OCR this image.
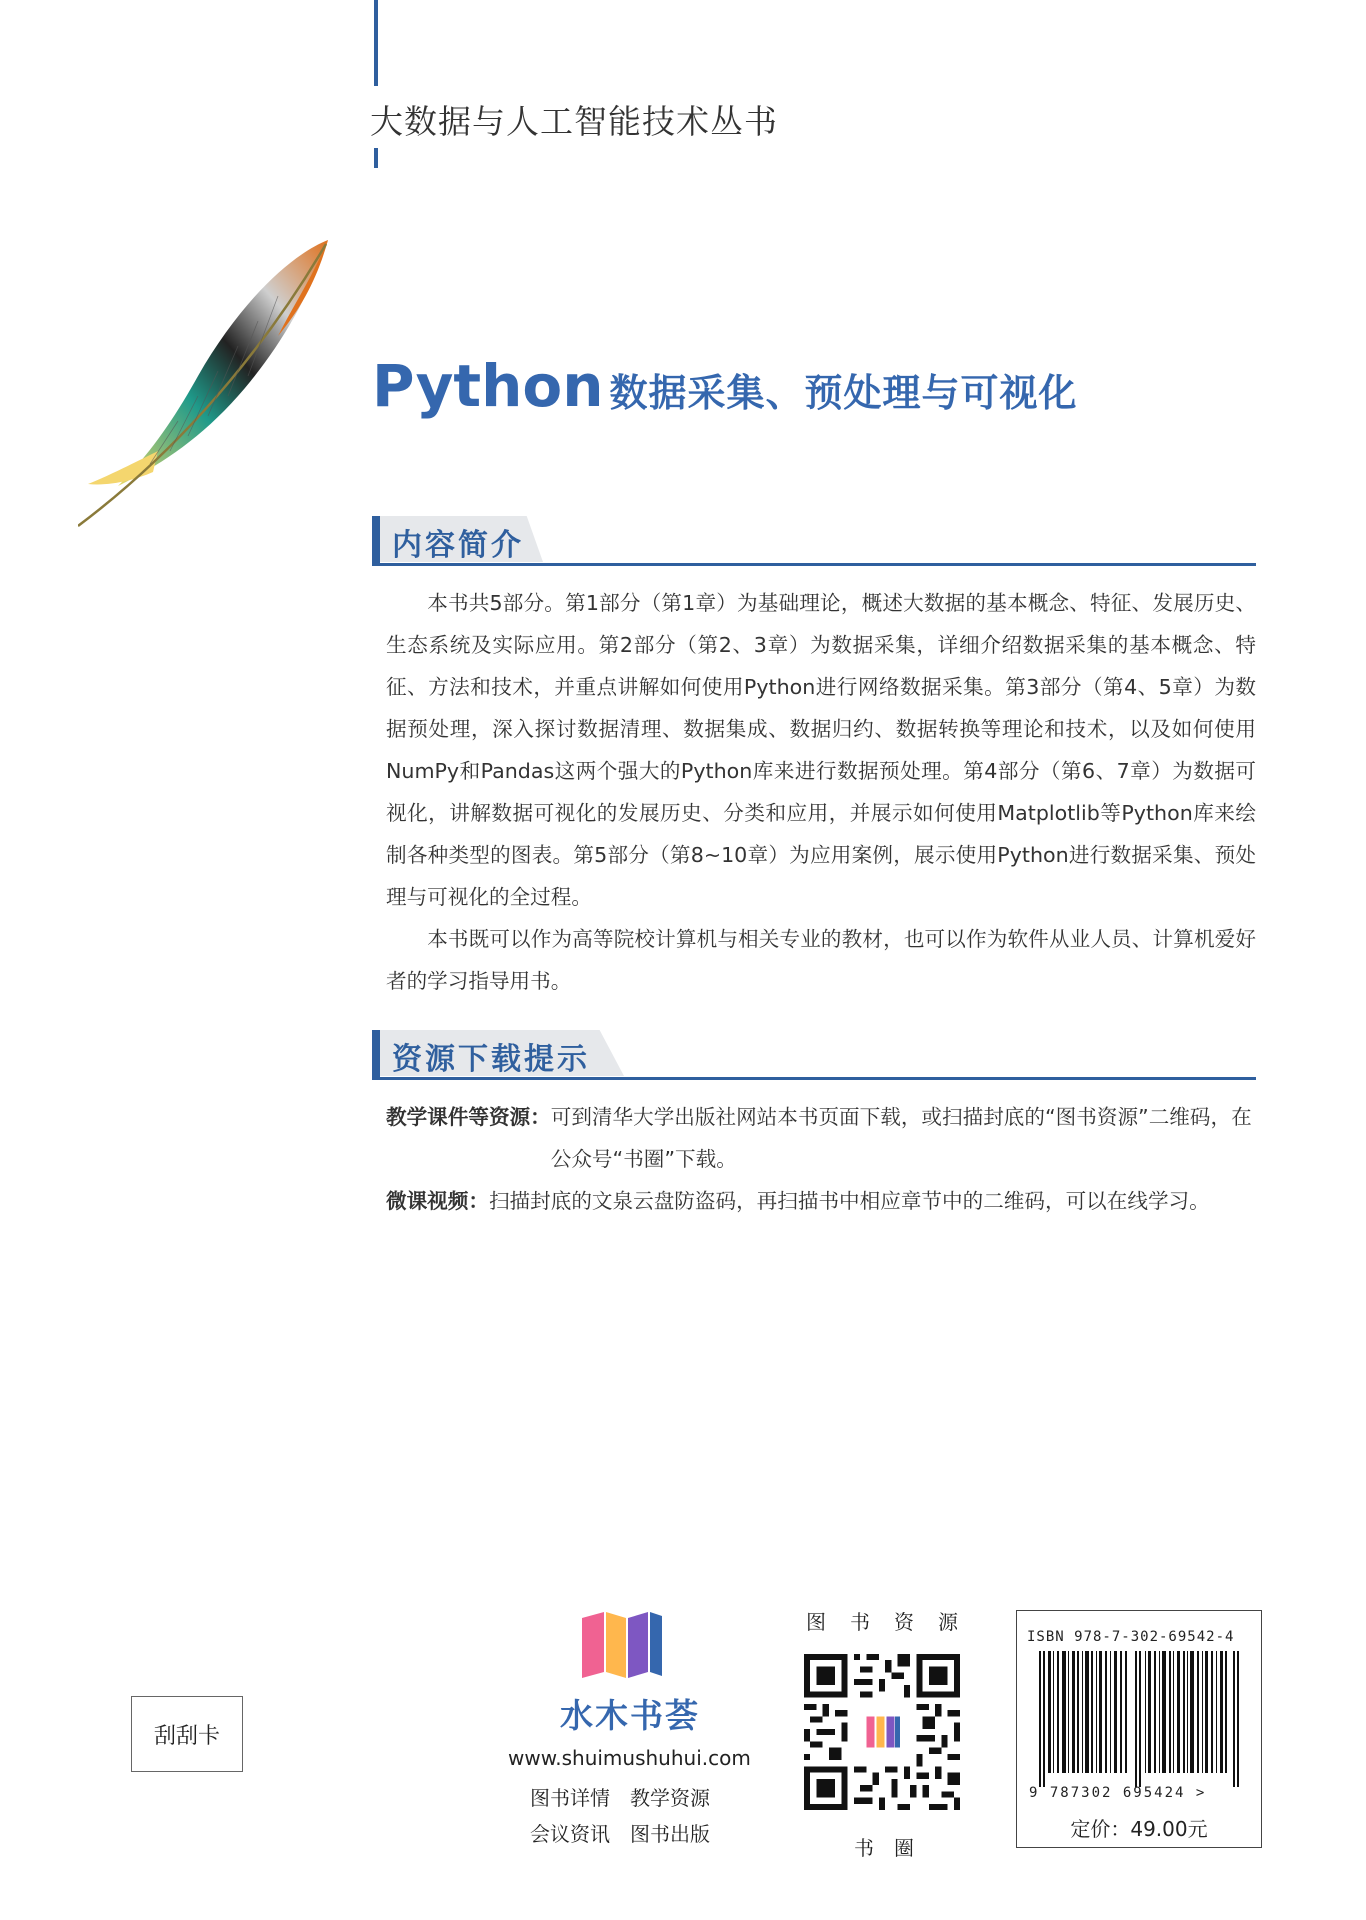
大数据与人工智能技术丛书
Python 数据采集、预处理与可视化
内容简介

本书共5部分。第1部分（第1章）为基础理论，概述大数据的基本概念、特征、发展历史、生态系统及实际应用。第2部分（第2、3章）为数据采集，详细介绍数据采集的基本概念、特征、方法和技术，并重点讲解如何使用Python进行网络数据采集。第3部分（第4、5章）为数据预处理，深入探讨数据清理、数据集成、数据归约、数据转换等理论和技术，以及如何使用NumPy和Pandas这两个强大的Python库来进行数据预处理。第4部分（第6、7章）为数据可视化，讲解数据可视化的发展历史、分类和应用，并展示如何使用Matplotlib等Python库来绘制各种类型的图表。第5部分（第8~10章）为应用案例，展示使用Python进行数据采集、预处理与可视化的全过程。

本书既可以作为高等院校计算机与相关专业的教材，也可以作为软件从业人员、计算机爱好者的学习指导用书。

资源下载提示
教学课件等资源： 可到清华大学出版社网站本书页面下载，或扫描封底的“图书资源”二维码，在公众号“书圈”下载。
微课视频： 扫描封底的文泉云盘防盗码，再扫描书中相应章节中的二维码，可以在线学习。
刮刮卡
水木书荟
www.shuimushuhui.com
图书详情 教学资源
会议资讯 图书出版
图书资源
书圈
ISBN 978-7-302-69542-4
9 787302 695424 >
定价：49.00元
